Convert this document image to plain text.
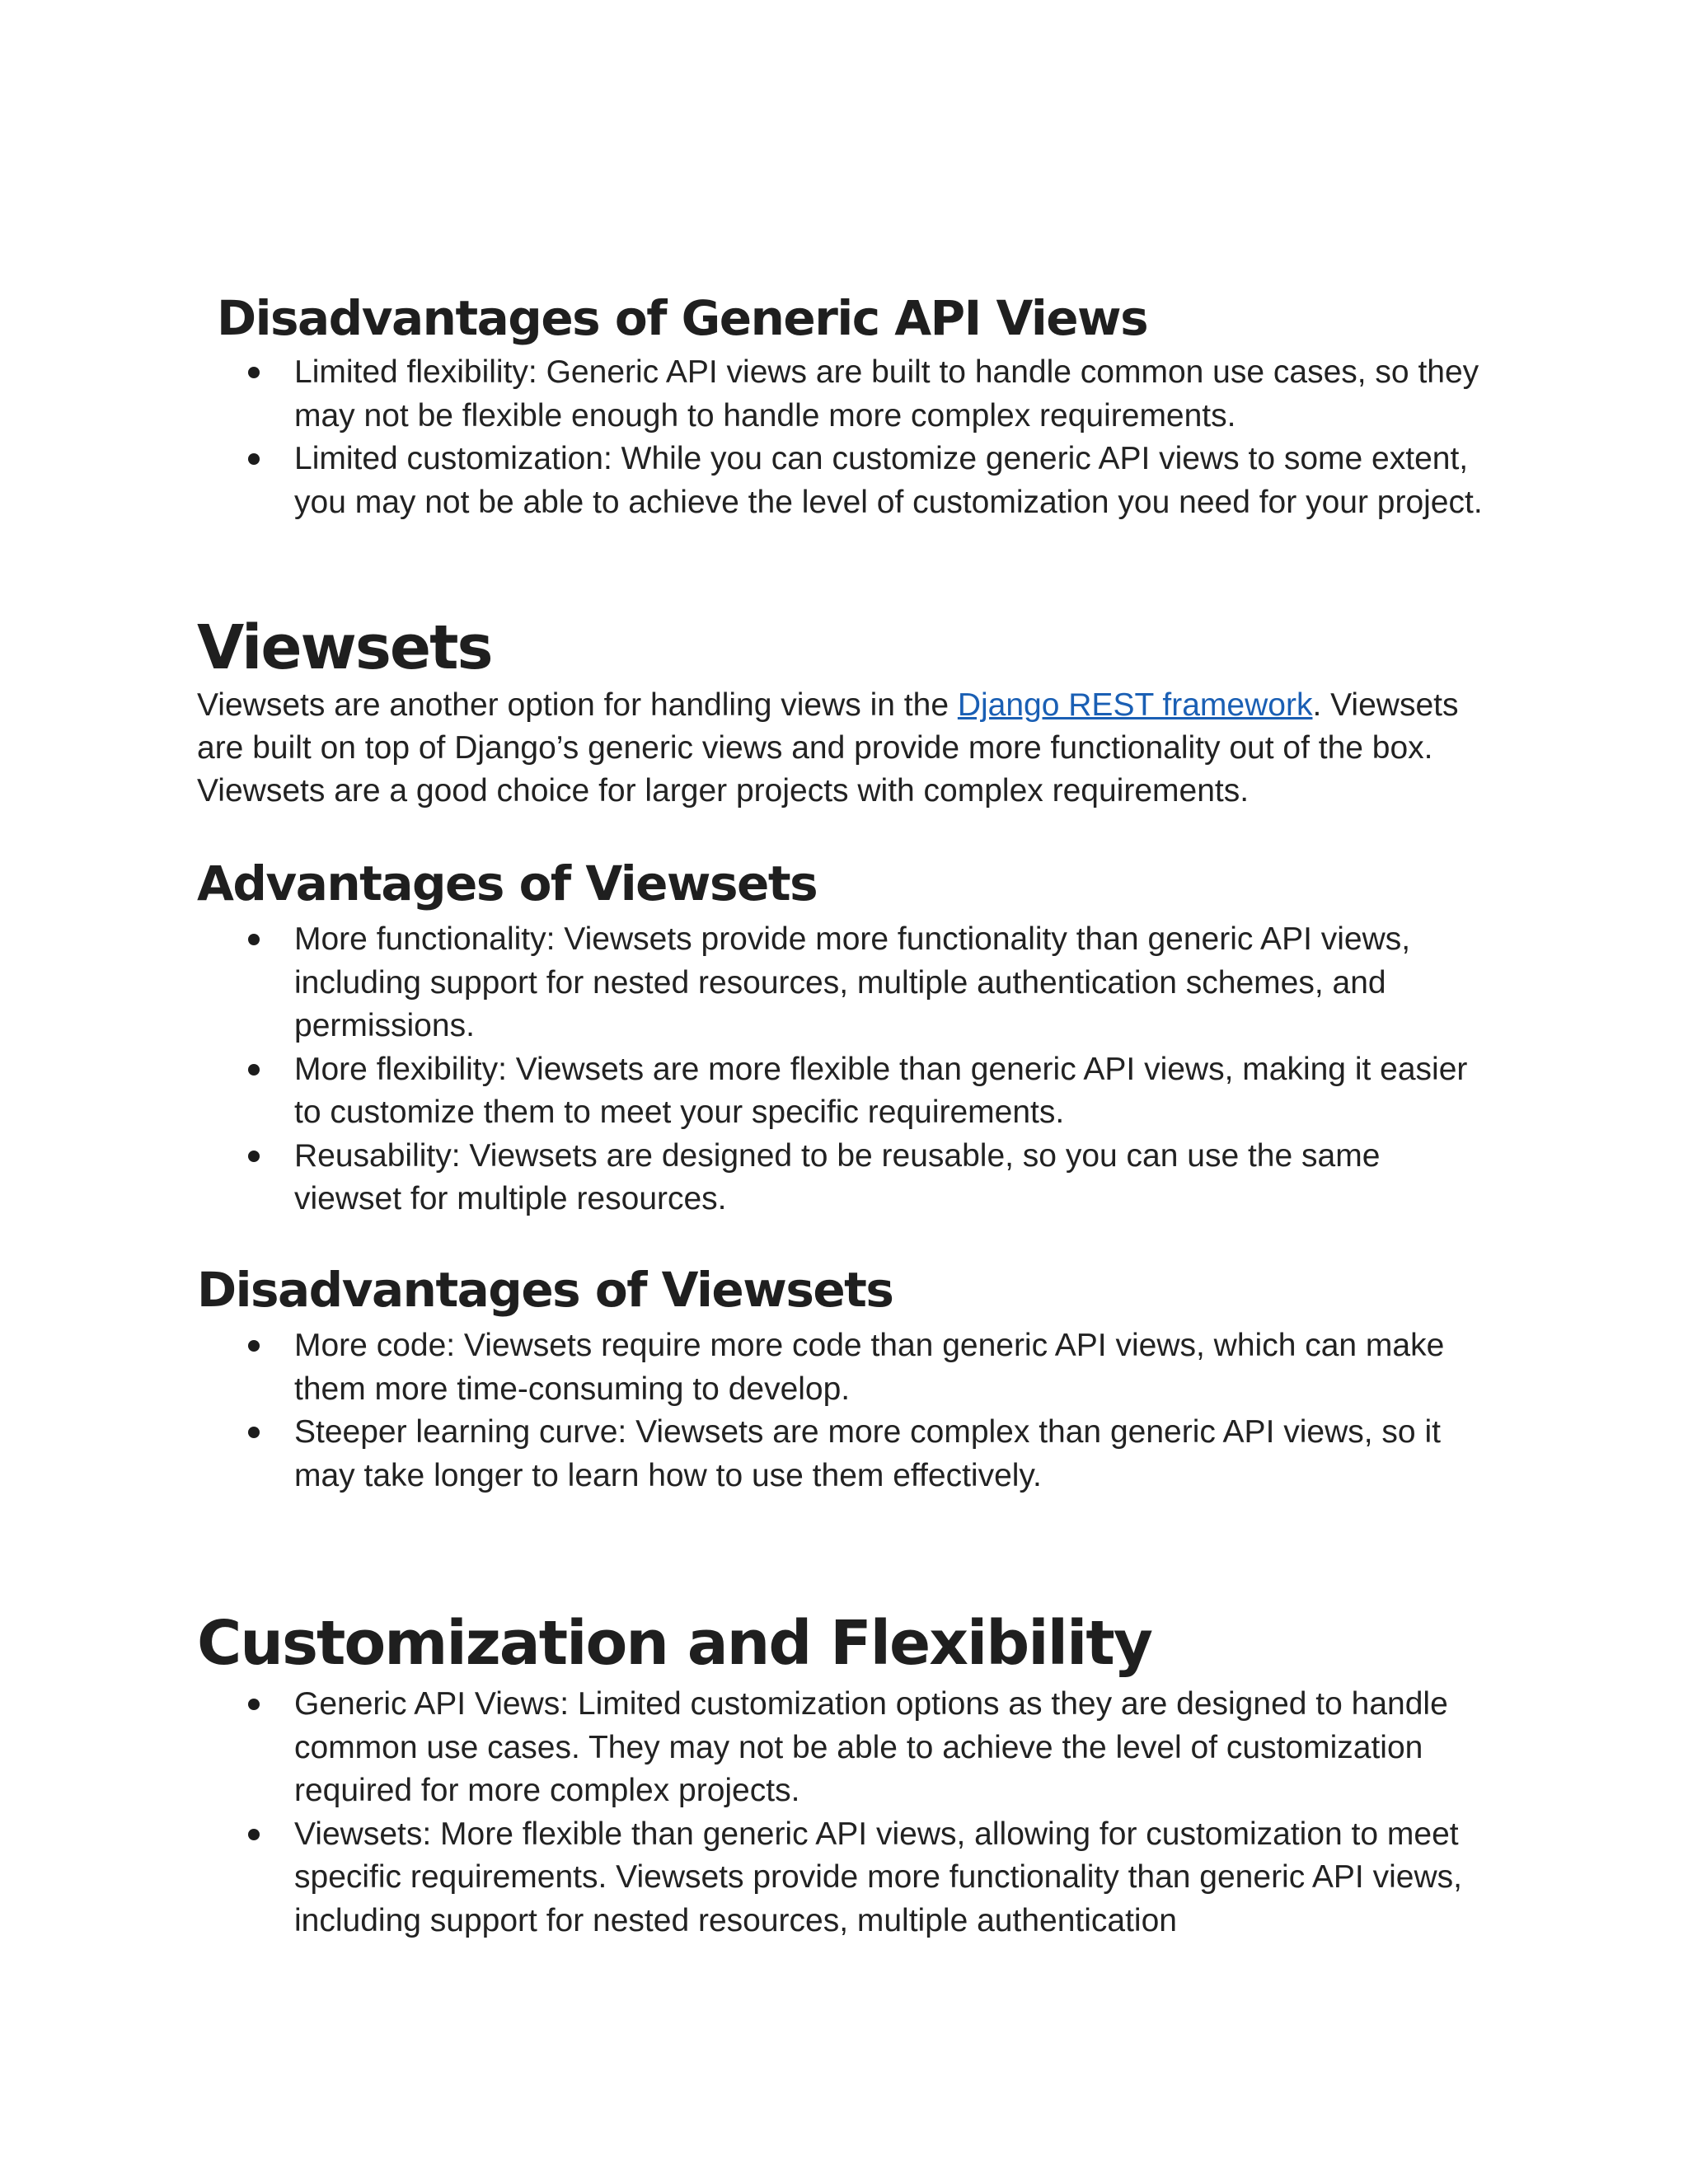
Disadvantages of Generic API Views
Limited flexibility: Generic API views are built to handle common use cases, so they may not be flexible enough to handle more complex requirements.
Limited customization: While you can customize generic API views to some extent, you may not be able to achieve the level of customization you need for your project.
Viewsets

Viewsets are another option for handling views in the Django REST framework. Viewsets are built on top of Django’s generic views and provide more functionality out of the box. Viewsets are a good choice for larger projects with complex requirements.

Advantages of Viewsets
More functionality: Viewsets provide more functionality than generic API views, including support for nested resources, multiple authentication schemes, and permissions.
More flexibility: Viewsets are more flexible than generic API views, making it easier to customize them to meet your specific requirements.
Reusability: Viewsets are designed to be reusable, so you can use the same viewset for multiple resources.
Disadvantages of Viewsets
More code: Viewsets require more code than generic API views, which can make them more time-consuming to develop.
Steeper learning curve: Viewsets are more complex than generic API views, so it may take longer to learn how to use them effectively.
Customization and Flexibility
Generic API Views: Limited customization options as they are designed to handle common use cases. They may not be able to achieve the level of customization required for more complex projects.
Viewsets: More flexible than generic API views, allowing for customization to meet specific requirements. Viewsets provide more functionality than generic API views, including support for nested resources, multiple authentication
